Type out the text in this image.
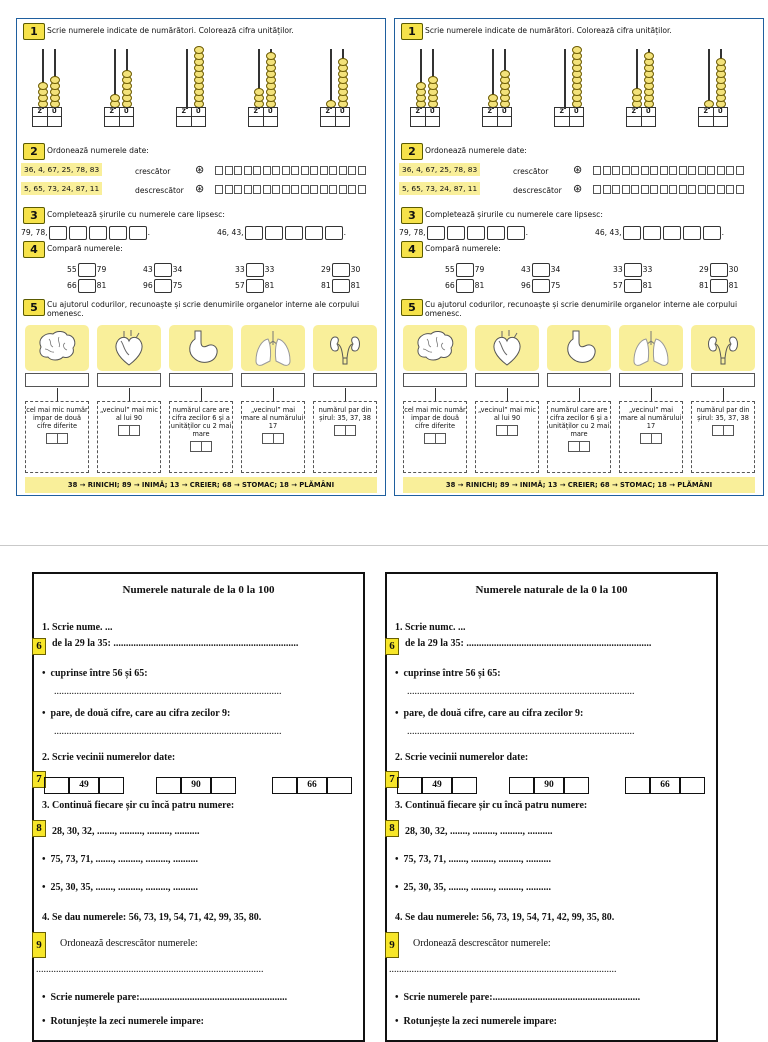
1	Scrie numerele indicate de numărători. Colorează cifra unităților.
Z	U	Z	U	Z	U	Z	U	Z	U
2	Ordonează numerele date:
36, 4, 67, 25, 78, 83	crescător ⊛
5, 65, 73, 24, 87, 11	descrescător ⊛
3	Completează șirurile cu numerele care lipsesc:
79, 78,	.	46, 43,	.
4	Compară numerele:
55	79	43	34	33	33	29	30
66	81	96	75	57	81	81	81
5	Cu ajutorul codurilor, recunoaște și scrie denumirile organelor interne ale corpului omenesc.
cel mai mic număr impar de două cifre diferite
„vecinul” mai mic al lui 90
numărul care are cifra zecilor 6 și a unităților cu 2 mai mare
„vecinul” mai mare al numărului 17
numărul par din șirul: 35, 37, 38
38 → RINICHI; 89 → INIMĂ; 13 → CREIER; 68 → STOMAC; 18 → PLĂMÂNI
1	Scrie numerele indicate de numărători. Colorează cifra unităților.
Z	U	Z	U	Z	U	Z	U	Z	U
2	Ordonează numerele date:
36, 4, 67, 25, 78, 83	crescător ⊛
5, 65, 73, 24, 87, 11	descrescător ⊛
3	Completează șirurile cu numerele care lipsesc:
79, 78,	.	46, 43,	.
4	Compară numerele:
55	79	43	34	33	33	29	30
66	81	96	75	57	81	81	81
5	Cu ajutorul codurilor, recunoaște și scrie denumirile organelor interne ale corpului omenesc.
cel mai mic număr impar de două cifre diferite
„vecinul” mai mic al lui 90
numărul care are cifra zecilor 6 și a unităților cu 2 mai mare
„vecinul” mai mare al numărului 17
numărul par din șirul: 35, 37, 38
38 → RINICHI; 89 → INIMĂ; 13 → CREIER; 68 → STOMAC; 18 → PLĂMÂNI
Numerele naturale de la 0 la 100
1. Scrie nume. ...
6	de la 29 la 35: ..........................................................................
•  cuprinse între 56 și 65:
...........................................................................................
•  pare, de două cifre, care au cifra zecilor 9:
...........................................................................................
2. Scrie vecinii numerelor date:
7	49	90	66
3. Continuă fiecare șir cu încă patru numere:
8	28, 30, 32, ......., ........., ........., ..........
•  75, 73, 71, ......., ........., ........., ..........
•  25, 30, 35, ......., ........., ........., ..........
4. Se dau numerele: 56, 73, 19, 54, 71, 42, 99, 35, 80.
9	Ordonează descrescător numerele:
...........................................................................................
•  Scrie numerele pare:...........................................................
•  Rotunjește la zeci numerele impare:
Numerele naturale de la 0 la 100
1. Scrie numc. ...
6	de la 29 la 35: ..........................................................................
•  cuprinse între 56 și 65:
...........................................................................................
•  pare, de două cifre, care au cifra zecilor 9:
...........................................................................................
2. Scrie vecinii numerelor date:
7	49	90	66
3. Continuă fiecare șir cu încă patru numere:
8	28, 30, 32, ......., ........., ........., ..........
•  75, 73, 71, ......., ........., ........., ..........
•  25, 30, 35, ......., ........., ........., ..........
4. Se dau numerele: 56, 73, 19, 54, 71, 42, 99, 35, 80.
9	Ordonează descrescător numerele:
...........................................................................................
•  Scrie numerele pare:...........................................................
•  Rotunjește la zeci numerele impare:
